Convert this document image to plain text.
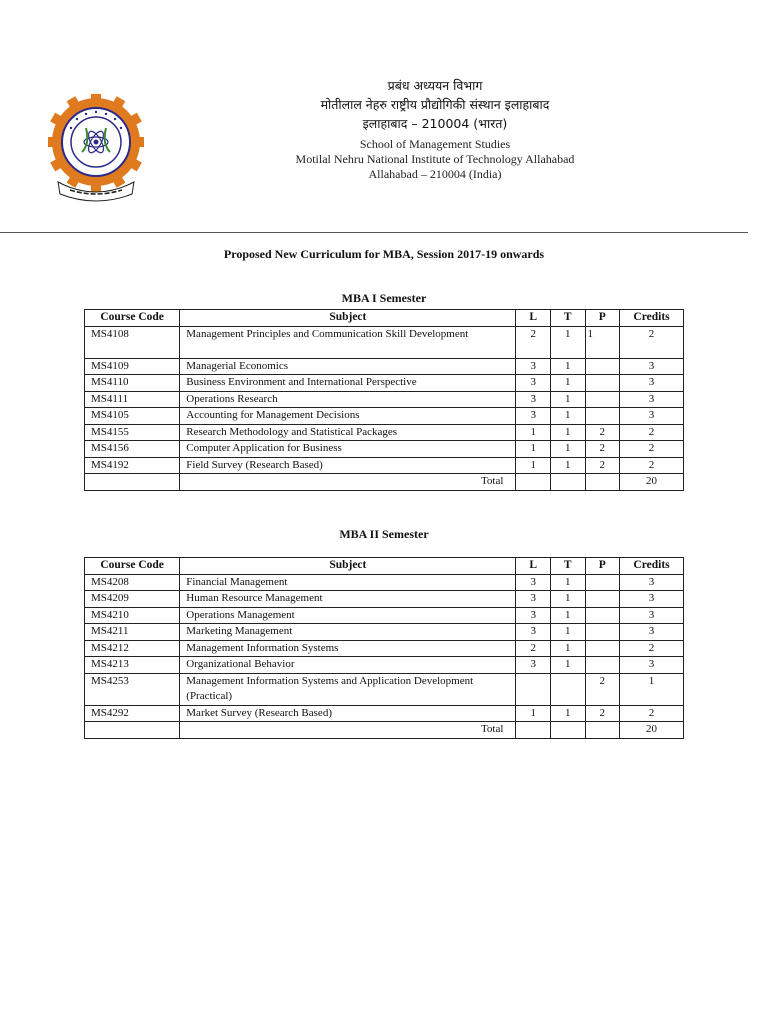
प्रबंध अध्ययन विभाग
मोतीलाल नेहरु राष्ट्रीय प्रौद्योगिकी संस्थान इलाहाबाद
इलाहाबाद – 210004 (भारत)
School of Management Studies
Motilal Nehru National Institute of Technology Allahabad
Allahabad – 210004 (India)
Proposed New Curriculum for MBA, Session 2017-19 onwards
MBA I Semester
Course Code	Subject	L	T	P	Credits
MS4108	Management Principles and Communication Skill Development	2	1	1	2
MS4109	Managerial Economics	3	1		3
MS4110	Business Environment and International Perspective	3	1		3
MS4111	Operations Research	3	1		3
MS4105	Accounting for Management Decisions	3	1		3
MS4155	Research Methodology and Statistical Packages	1	1	2	2
MS4156	Computer Application for Business	1	1	2	2
MS4192	Field Survey (Research Based)	1	1	2	2
	Total				20
MBA II Semester
Course Code	Subject	L	T	P	Credits
MS4208	Financial Management	3	1		3
MS4209	Human Resource Management	3	1		3
MS4210	Operations Management	3	1		3
MS4211	Marketing Management	3	1		3
MS4212	Management Information Systems	2	1		2
MS4213	Organizational Behavior	3	1		3
MS4253	Management Information Systems and Application Development (Practical)			2	1
MS4292	Market Survey (Research Based)	1	1	2	2
	Total				20
